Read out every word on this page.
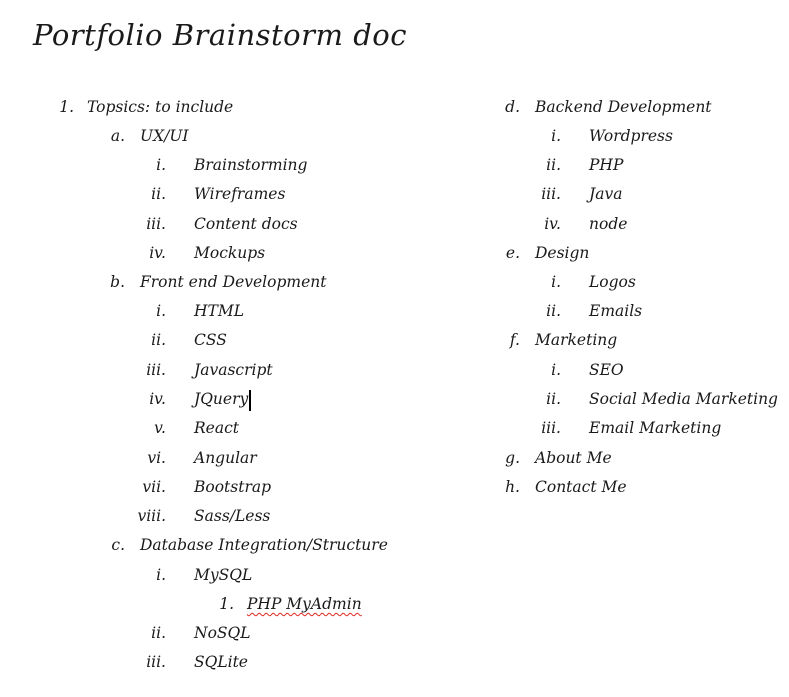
Portfolio Brainstorm doc
1. Topsics: to include
a. UX/UI
i. Brainstorming
ii. Wireframes
iii. Content docs
iv. Mockups
b. Front end Development
i. HTML
ii. CSS
iii. Javascript
iv. JQuery
v. React
vi. Angular
vii. Bootstrap
viii. Sass/Less
c. Database Integration/Structure
i. MySQL
1. PHP MyAdmin
ii. NoSQL
iii. SQLite
d. Backend Development
i. Wordpress
ii. PHP
iii. Java
iv. node
e. Design
i. Logos
ii. Emails
f. Marketing
i. SEO
ii. Social Media Marketing
iii. Email Marketing
g. About Me
h. Contact Me
